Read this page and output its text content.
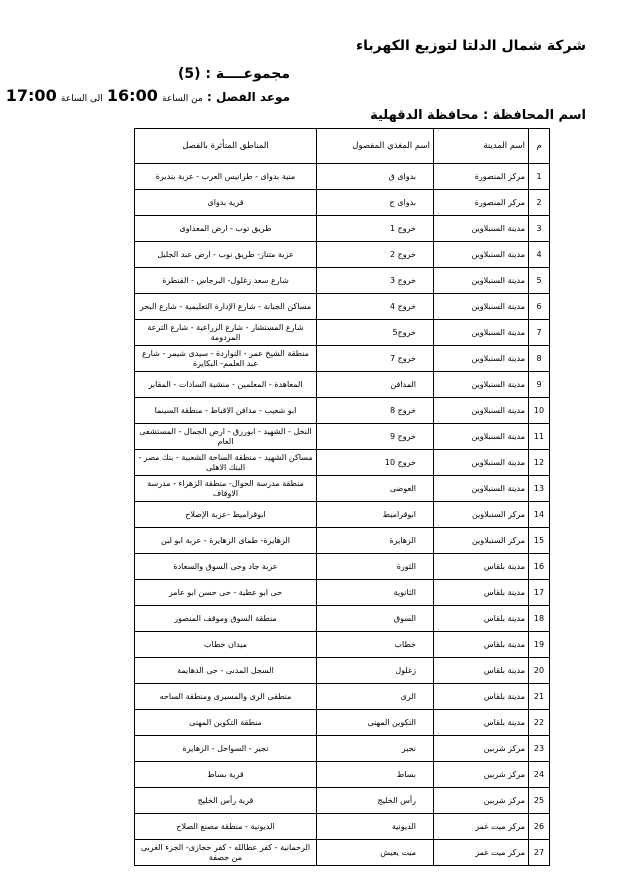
شركة شمال الدلتا لتوزيع الكهرباء
مجموعــــة : (5)
موعد الفصل : من الساعة 16:00 الى الساعة 17:00
اسم المحافظة : محافظة الدقهلية
م	اسم المدينة	اسم المغذي المفصول	المناطق المتأثرة بالفصل
1	مركز المنصورة	بدواى ق	منية بدواى - طرانيس العرب - عزبة بنديرة
2	مركز المنصورة	بدواى ج	قرية بدواى
3	مدينة السنبلاوين	خروج 1	طريق توب - ارض المعداوى
4	مدينة السنبلاوين	خروج 2	عزبة متناز- طريق نوب - ارض عبد الجليل
5	مدينة السنبلاوين	خروج 3	شارع سعد زغلول- البرجاس - القنطرة
6	مدينة السنبلاوين	خروج 4	مساكن الجبانة - شارع الإدارة التعليمية - شارع البحر
7	مدينة السنبلاوين	خروج5	شارع المستشار - شارع الزراعية - شارع الترعة المردومة
8	مدينة السنبلاوين	خروج 7	منطقة الشيخ عمر - النواردة - سيدى شيمر - شارع عبد العلمم- البكايرة
9	مدينة السنبلاوين	المدافن	المعاهدة - المعلمين - منشية السادات - المقابر
10	مدينة السنبلاوين	خروج 8	ابو شعيب - مدافن الاقباط - منطقة السينما
11	مدينة السنبلاوين	خروج 9	النخل - الشهيد - ابورزق - ارض الجمال - المستشفى العام
12	مدينة السنبلاوين	خروج 10	مساكن الشهيد - منطقة الساحة الشعبية - بنك مصر - البنك الاهلى
13	مدينة السنبلاوين	العوضى	منطقة مدرسة الحوال- منطقة الزهراء - مدرسة الاوقاف
14	مركز السنبلاوين	ابوقراميط	ابوقراميط -عزبة الإصلاح
15	مركز السنبلاوين	الزهايرة	الزهايرة- طماى الزهايرة - عزبة ابو لبن
16	مدينة بلقاس	الثورة	عزبة جاد وحى السوق والسعادة
17	مدينة بلقاس	الثانوية	حى ابو عطية - حى حسن ابو عامر
18	مدينة بلقاس	السوق	منطقة السوق وموقف المنصور
19	مدينة بلقاس	خطاب	ميدان خطاب
20	مدينة بلقاس	زغلول	السجل المدنى - حى الدهايمة
21	مدينة بلقاس	الرى	منطقى الرى والمسيرى ومنطقة الساحه
22	مدينة بلقاس	التكوين المهنى	منطقة التكوين المهنى
23	مركز شربين	نجير	نجير - السواحل - الزهايرة
24	مركز شربين	بساط	قرية بساط
25	مركز شربين	رأس الخليج	قرية رأس الخليج
26	مركز ميت غمر	الديونية	الديونية - منطقة مصنع الصلاح
27	مركز ميت غمر	ميت يعيش	الرحمانية - كفر عطالله - كفر حجازى- الجزء الغربى من جصفة
